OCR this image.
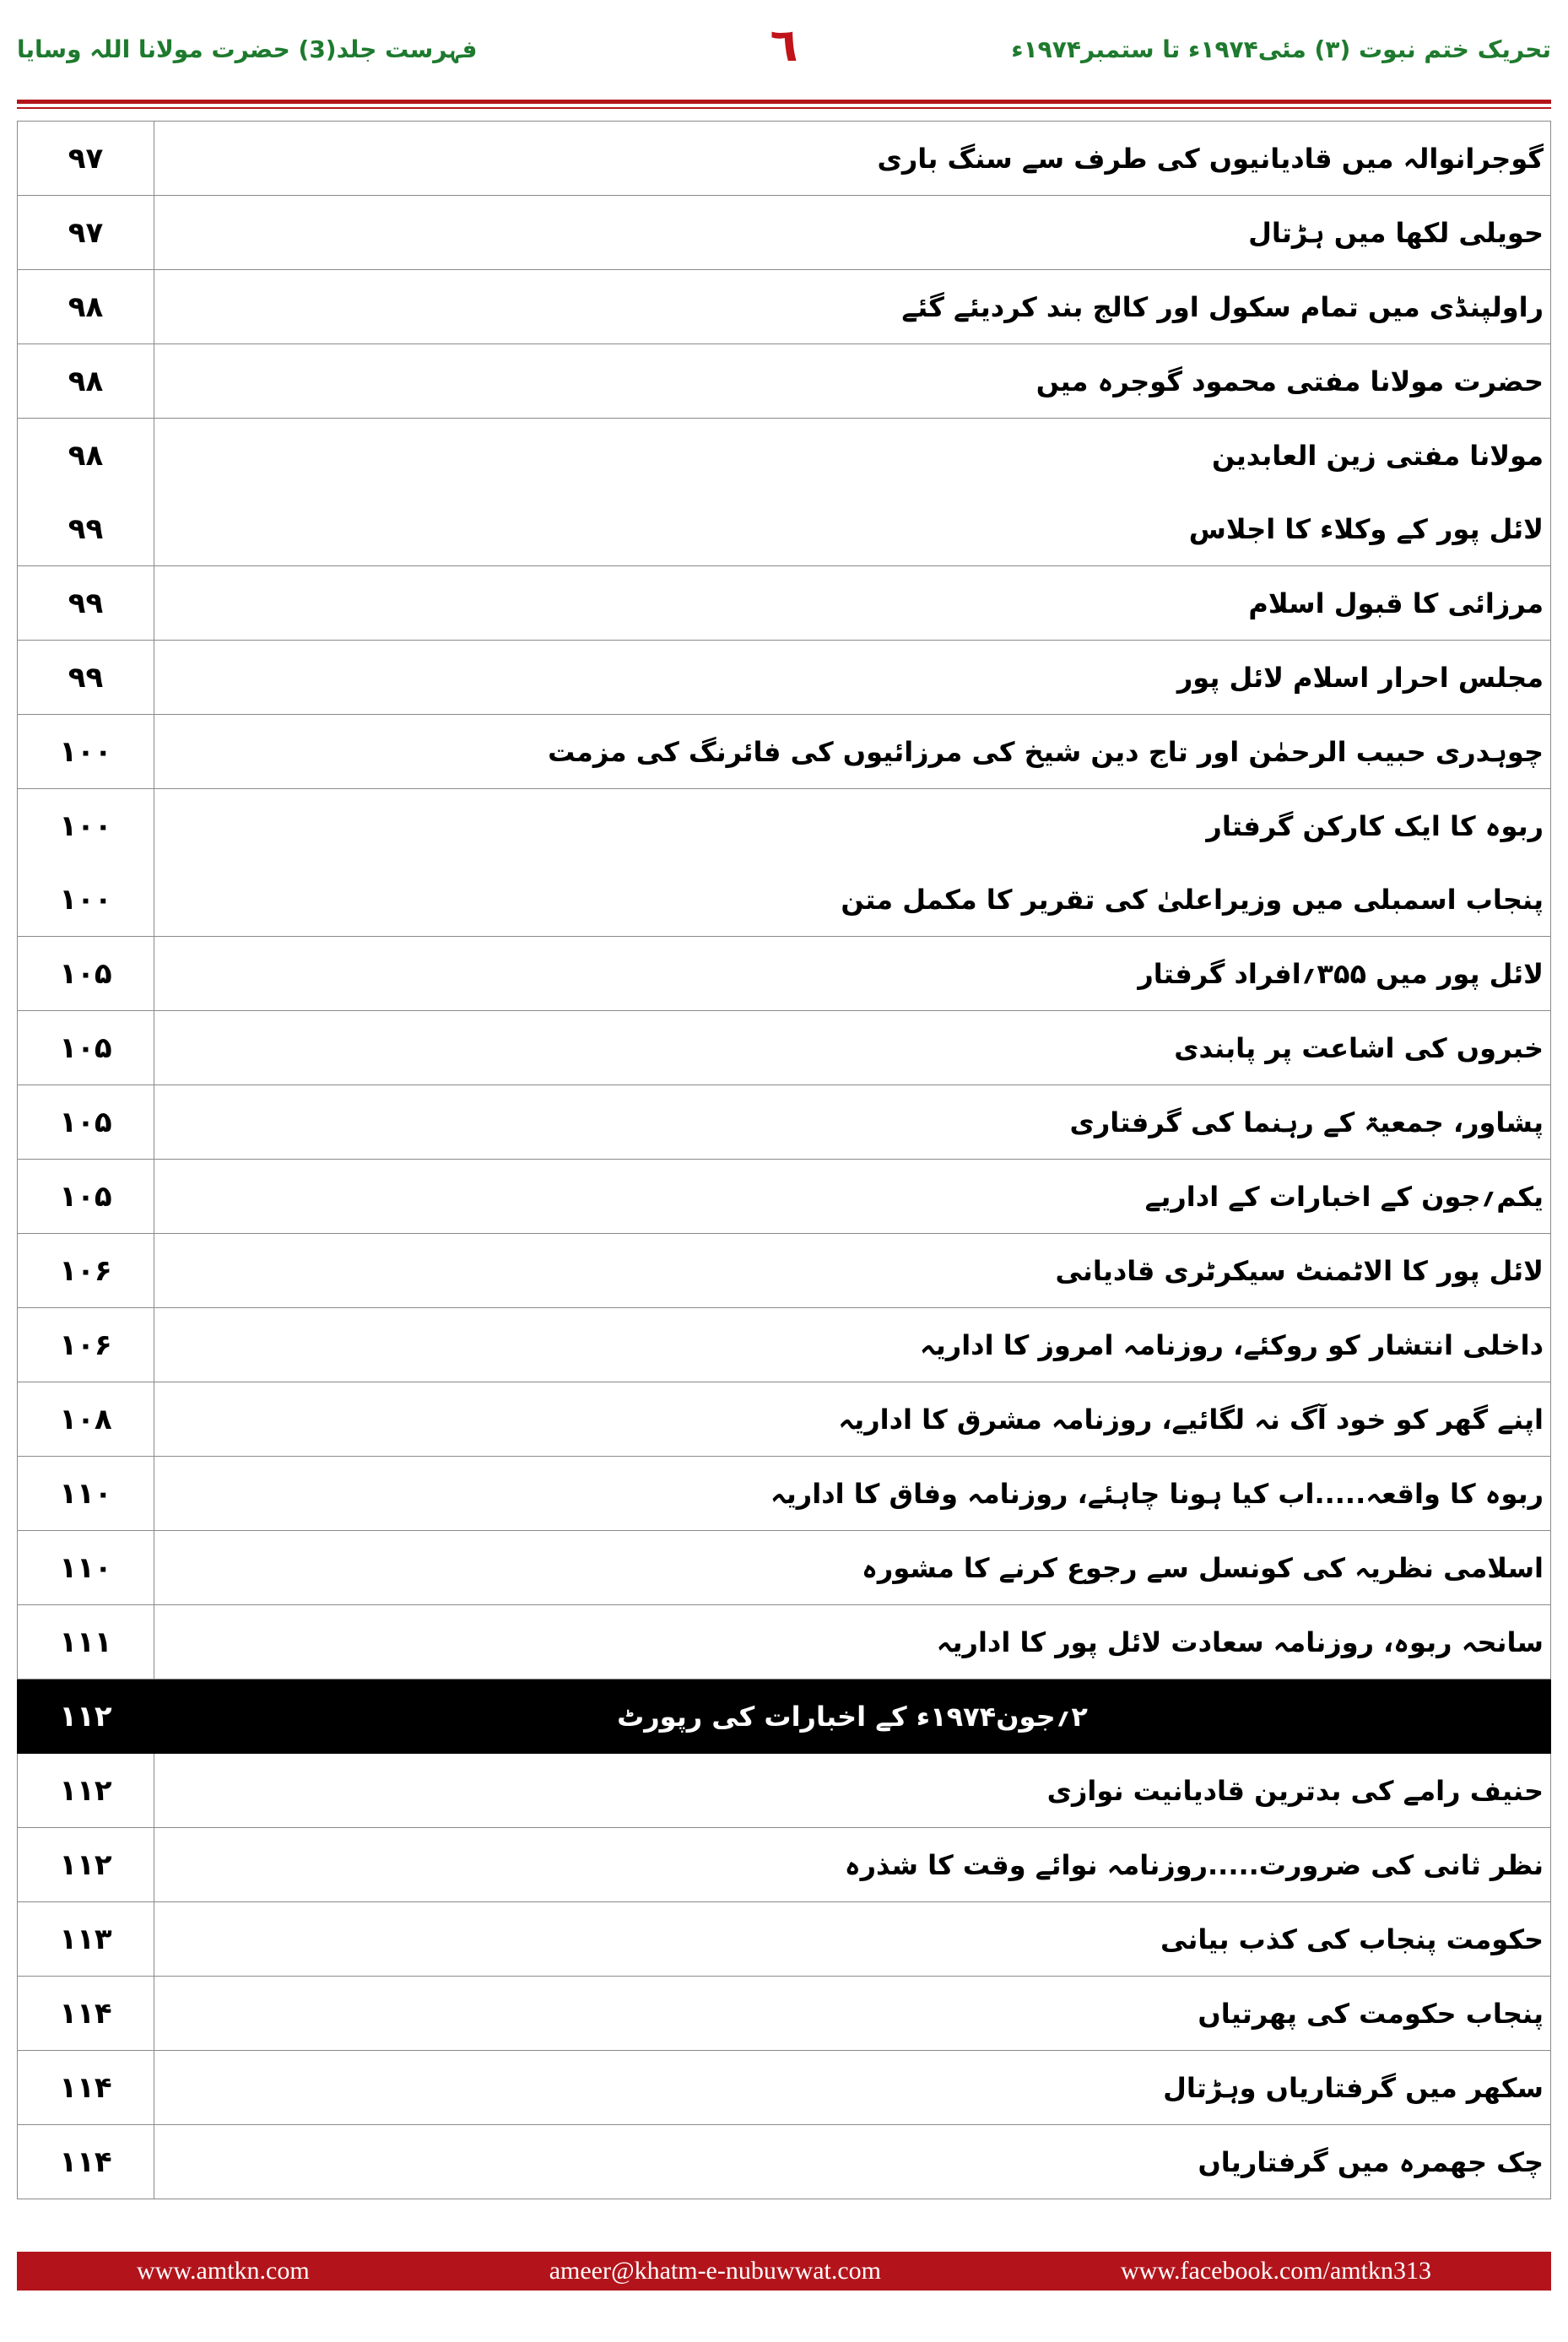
فہرست جلد(3) حضرت مولانا اللہ وسایا	٦	تحریک ختم نبوت (۳) مئی۱۹۷۴ء تا ستمبر۱۹۷۴ء
۹۷	گوجرانوالہ میں قادیانیوں کی طرف سے سنگ باری
۹۷	حویلی لکھا میں ہڑتال
۹۸	راولپنڈی میں تمام سکول اور کالج بند کردیئے گئے
۹۸	حضرت مولانا مفتی محمود گوجرہ میں
۹۸	مولانا مفتی زین العابدین
۹۹	لائل پور کے وکلاء کا اجلاس
۹۹	مرزائی کا قبول اسلام
۹۹	مجلس احرار اسلام لائل پور
۱۰۰	چوہدری حبیب الرحمٰن اور تاج دین شیخ کی مرزائیوں کی فائرنگ کی مزمت
۱۰۰	ربوہ کا ایک کارکن گرفتار
۱۰۰	پنجاب اسمبلی میں وزیراعلیٰ کی تقریر کا مکمل متن
۱۰۵	لائل پور میں ۳۵۵؍افراد گرفتار
۱۰۵	خبروں کی اشاعت پر پابندی
۱۰۵	پشاور، جمعیۃ کے رہنما کی گرفتاری
۱۰۵	یکم؍جون کے اخبارات کے اداریے
۱۰۶	لائل پور کا الاٹمنٹ سیکرٹری قادیانی
۱۰۶	داخلی انتشار کو روکئے، روزنامہ امروز کا اداریہ
۱۰۸	اپنے گھر کو خود آگ نہ لگائیے، روزنامہ مشرق کا اداریہ
۱۱۰	ربوہ کا واقعہ.....اب کیا ہونا چاہئے، روزنامہ وفاق کا اداریہ
۱۱۰	اسلامی نظریہ کی کونسل سے رجوع کرنے کا مشورہ
۱۱۱	سانحہ ربوہ، روزنامہ سعادت لائل پور کا اداریہ
۱۱۲	۲؍جون۱۹۷۴ء کے اخبارات کی رپورٹ
۱۱۲	حنیف رامے کی بدترین قادیانیت نوازی
۱۱۲	نظر ثانی کی ضرورت.....روزنامہ نوائے وقت کا شذرہ
۱۱۳	حکومت پنجاب کی کذب بیانی
۱۱۴	پنجاب حکومت کی پھرتیاں
۱۱۴	سکھر میں گرفتاریاں وہڑتال
۱۱۴	چک جھمرہ میں گرفتاریاں
www.amtkn.com	ameer@khatm-e-nubuwwat.com	www.facebook.com/amtkn313
